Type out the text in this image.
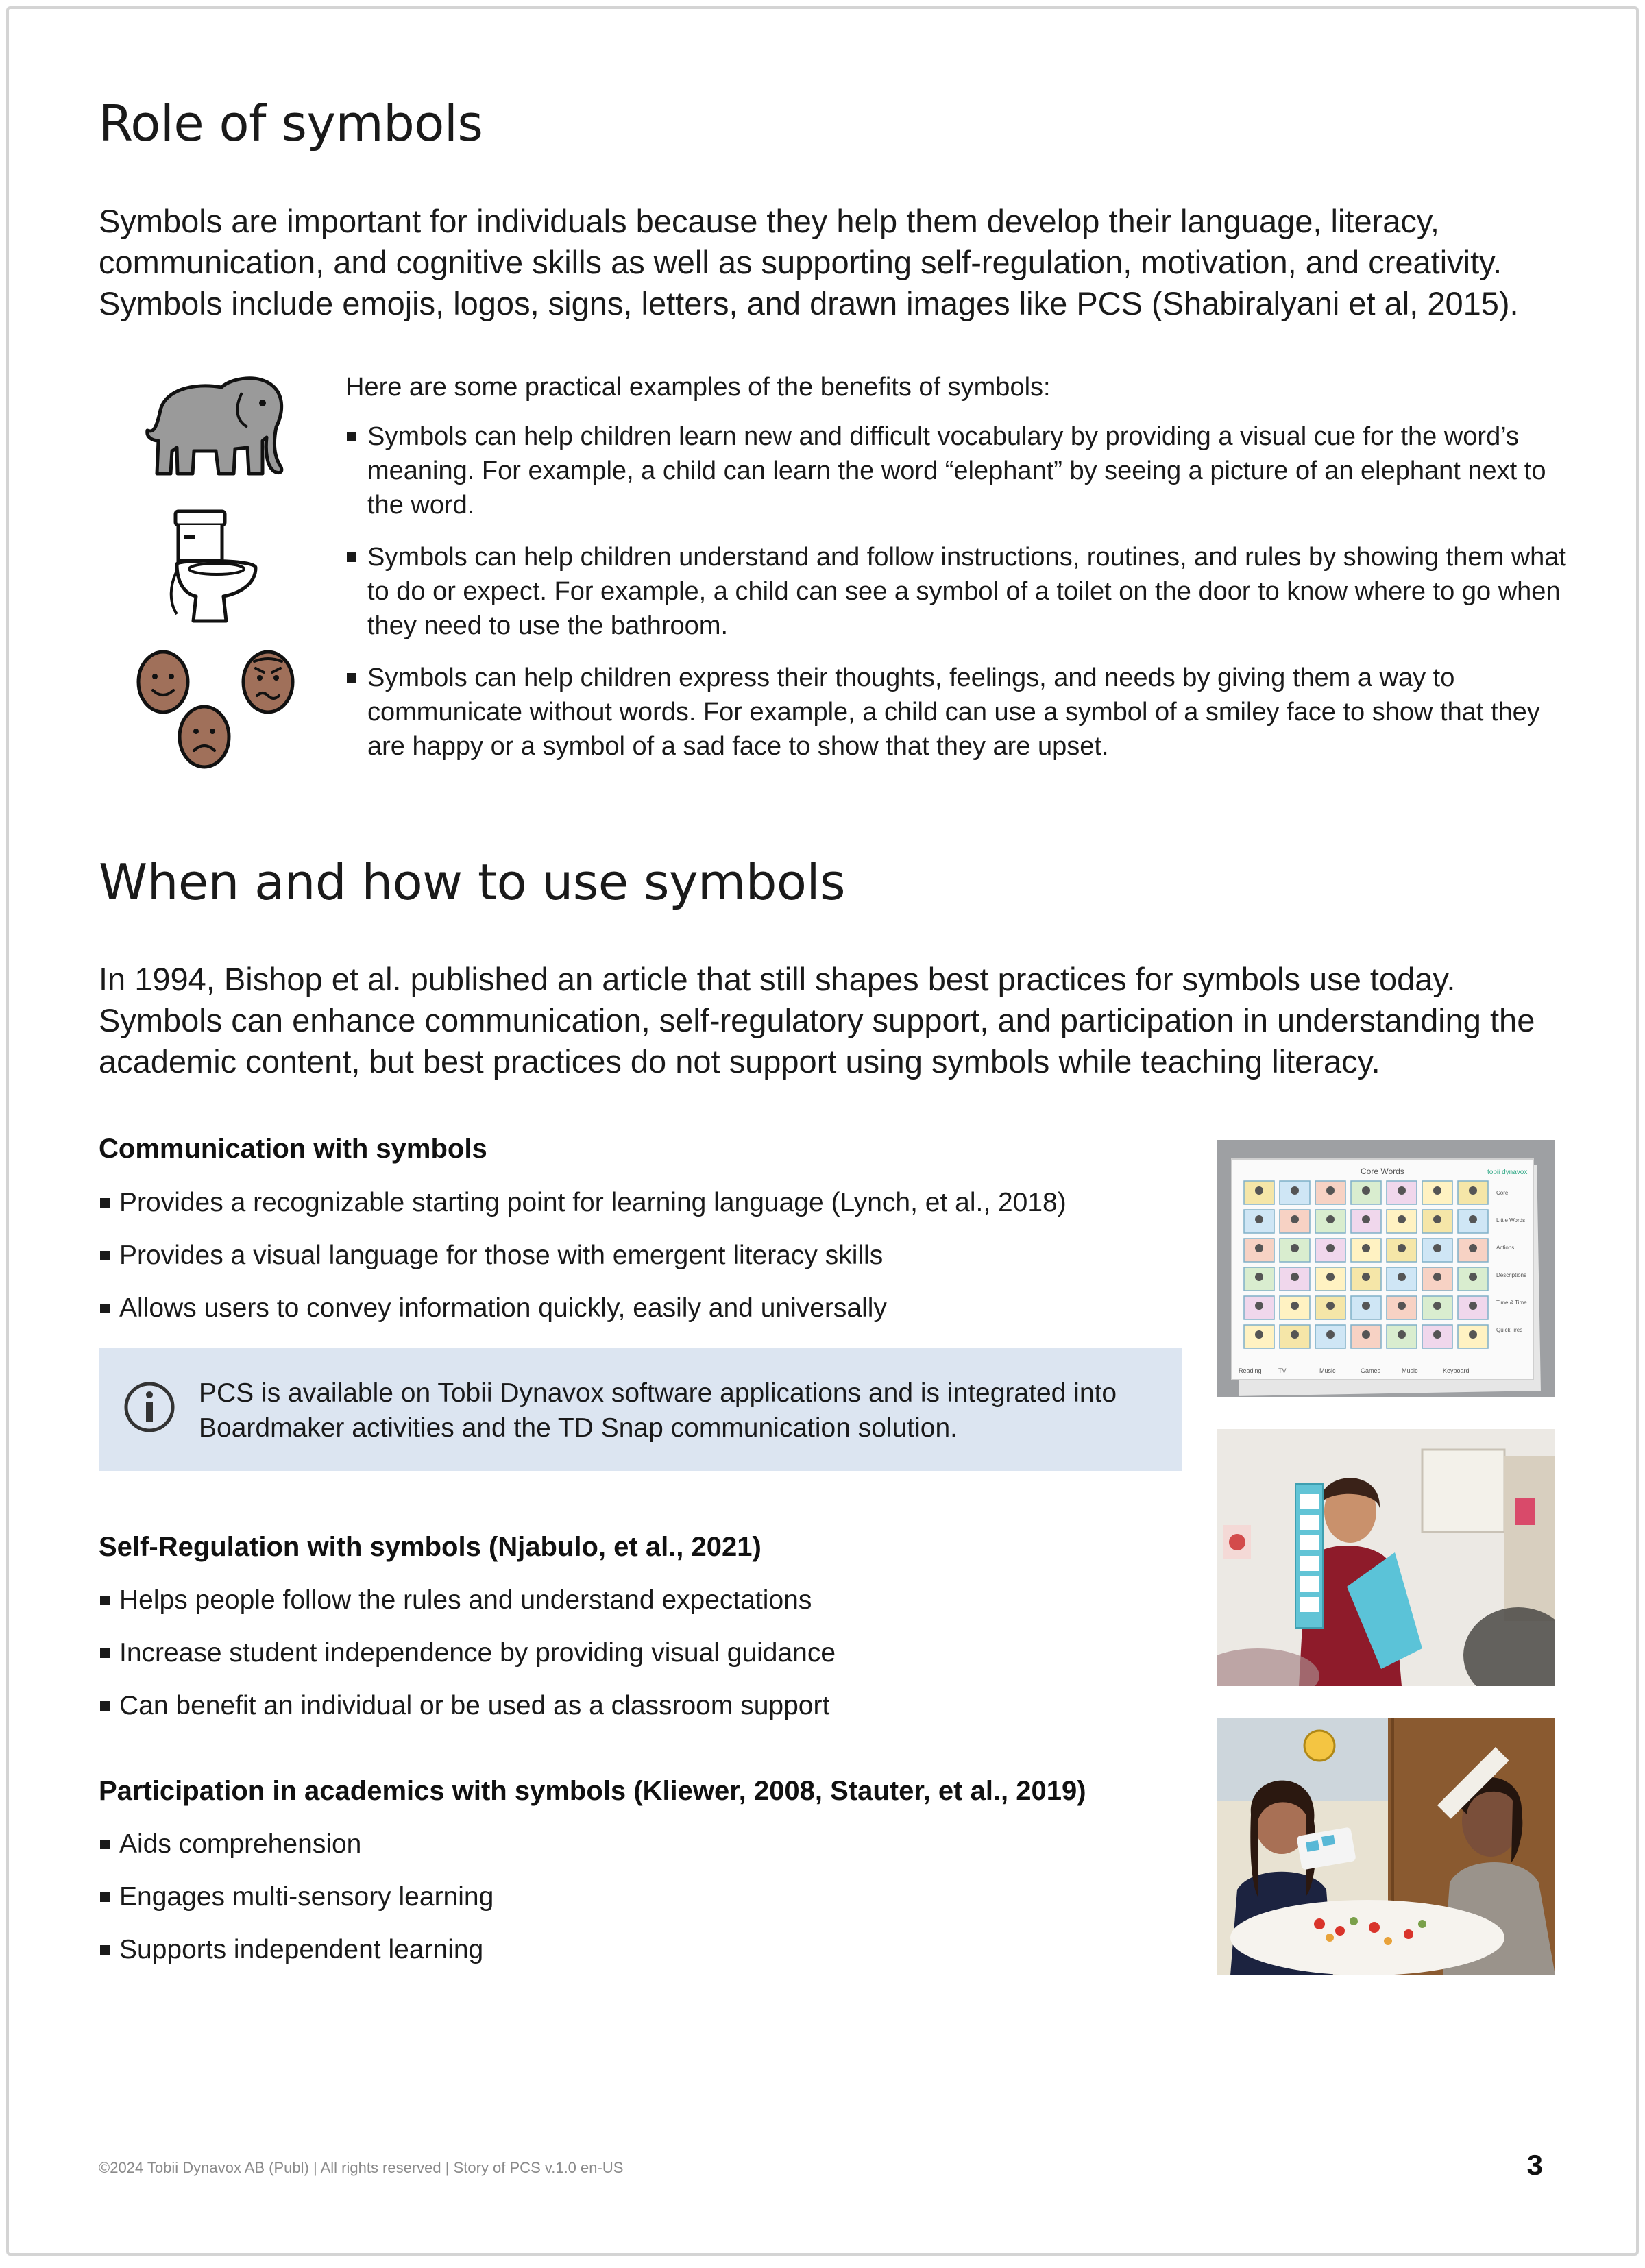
Role of symbols

Symbols are important for individuals because they help them develop their language, literacy, communication, and cognitive skills as well as supporting self-regulation, motivation, and creativity. Symbols include emojis, logos, signs, letters, and drawn images like PCS (Shabiralyani et al, 2015).

Here are some practical examples of the benefits of symbols:

Symbols can help children learn new and difficult vocabulary by providing a visual cue for the word’s meaning. For example, a child can learn the word “elephant” by seeing a picture of an elephant next to the word.
Symbols can help children understand and follow instructions, routines, and rules by showing them what to do or expect. For example, a child can see a symbol of a toilet on the door to know where to go when they need to use the bathroom.
Symbols can help children express their thoughts, feelings, and needs by giving them a way to communicate without words. For example, a child can use a symbol of a smiley face to show that they are happy or a symbol of a sad face to show that they are upset.
When and how to use symbols

In 1994, Bishop et al. published an article that still shapes best practices for symbols use today. Symbols can enhance communication, self-regulatory support, and participation in understanding the academic content, but best practices do not support using symbols while teaching literacy.

Communication with symbols
Provides a recognizable starting point for learning language (Lynch, et al., 2018)
Provides a visual language for those with emergent literacy skills
Allows users to convey information quickly, easily and universally
PCS is available on Tobii Dynavox software applications and is integrated into Boardmaker activities and the TD Snap communication solution.
Self-Regulation with symbols (Njabulo, et al., 2021)
Helps people follow the rules and understand expectations
Increase student independence by providing visual guidance
Can benefit an individual or be used as a classroom support
Participation in academics with symbols (Kliewer, 2008, Stauter, et al., 2019)
Aids comprehension
Engages multi-sensory learning
Supports independent learning
Core Words	tobii dynavox
Reading	TV	Music	Games	Music	Keyboard
Core
Little Words
Actions
Descriptions
Time & Time
QuickFires
©2024 Tobii Dynavox AB (Publ) | All rights reserved | Story of PCS v.1.0 en-US	3
